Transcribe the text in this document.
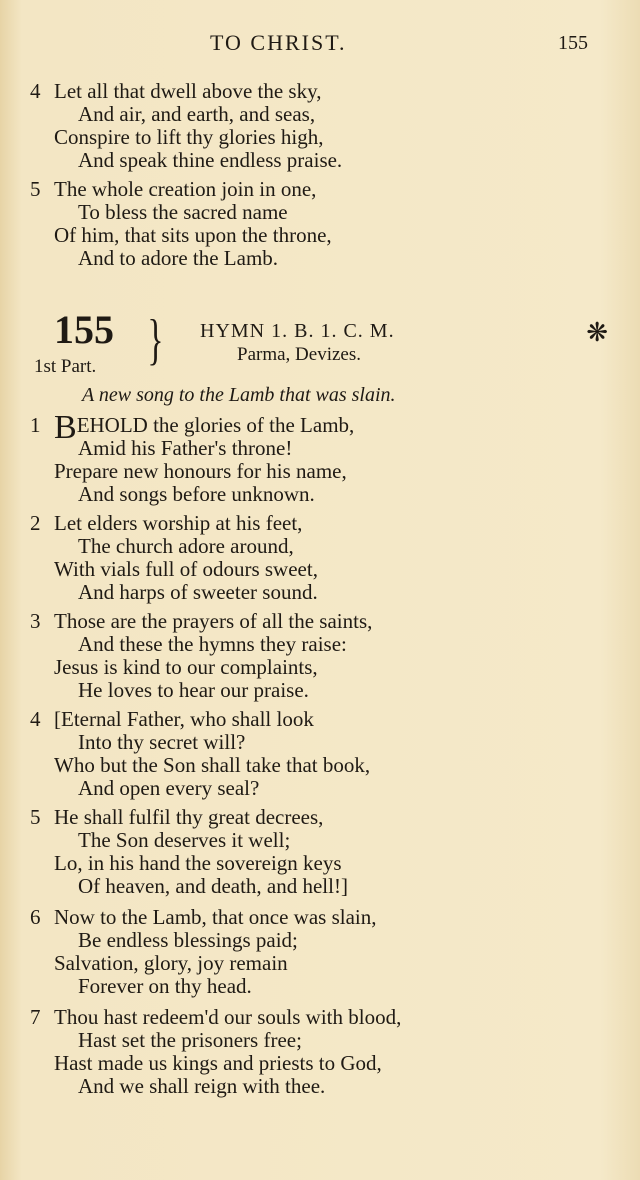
TO CHRIST.	155
4 Let all that dwell above the sky,
And air, and earth, and seas,
Conspire to lift thy glories high,
And speak thine endless praise.
5 The whole creation join in one,
To bless the sacred name
Of him, that sits upon the throne,
And to adore the Lamb.
155
1st Part. } HYMN 1. B. 1. C. M.
Parma, Devizes.
❋
A new song to the Lamb that was slain.
1 BEHOLD the glories of the Lamb,
Amid his Father's throne!
Prepare new honours for his name,
And songs before unknown.
2 Let elders worship at his feet,
The church adore around,
With vials full of odours sweet,
And harps of sweeter sound.
3 Those are the prayers of all the saints,
And these the hymns they raise:
Jesus is kind to our complaints,
He loves to hear our praise.
4 [Eternal Father, who shall look
Into thy secret will?
Who but the Son shall take that book,
And open every seal?
5 He shall fulfil thy great decrees,
The Son deserves it well;
Lo, in his hand the sovereign keys
Of heaven, and death, and hell!]
6 Now to the Lamb, that once was slain,
Be endless blessings paid;
Salvation, glory, joy remain
Forever on thy head.
7 Thou hast redeem'd our souls with blood,
Hast set the prisoners free;
Hast made us kings and priests to God,
And we shall reign with thee.
